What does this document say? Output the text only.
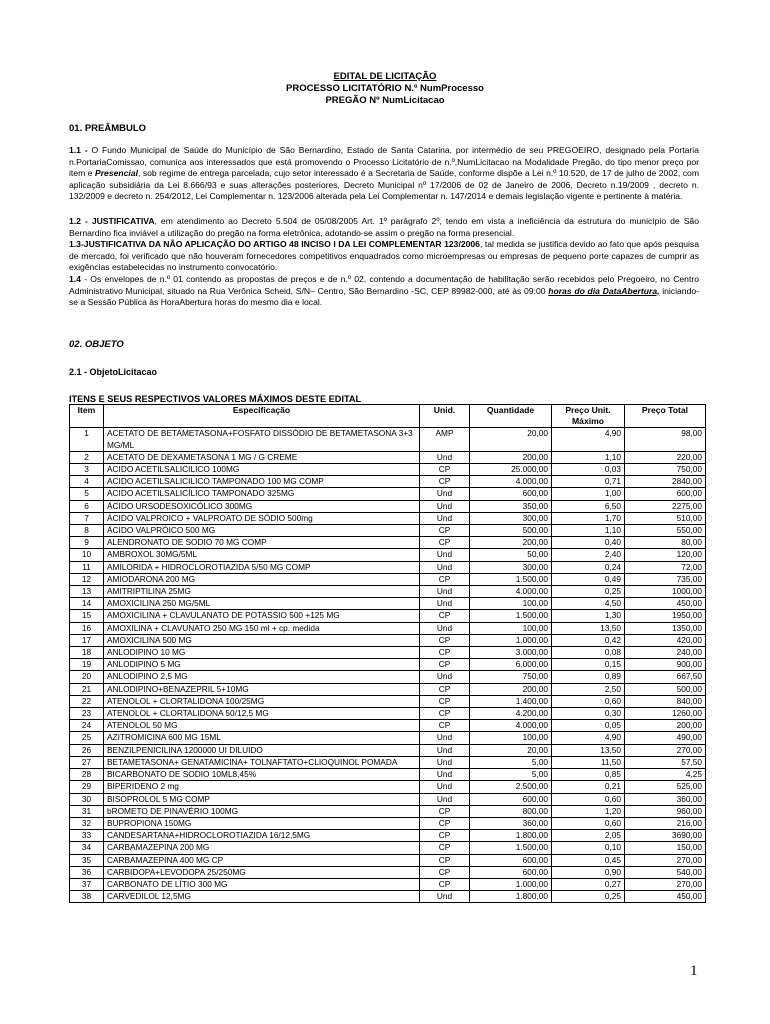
EDITAL DE LICITAÇÃO
PROCESSO LICITATÓRIO N.º NumProcesso
PREGÃO Nº NumLicitacao
01. PREÂMBULO
1.1 - O Fundo Municipal de Saúde do Município de São Bernardino, Estado de Santa Catarina, por intermédio de seu PREGOEIRO, designado pela Portaria n.PortariaComissao, comunica aos interessados que está promovendo o Processo Licitatório de n.º,NumLicitacao na Modalidade Pregão, do tipo menor preço por item e Presencial, sob regime de entrega parcelada, cujo setor interessado é a Secretaria de Saúde, conforme dispõe a Lei n.º 10.520, de 17 de julho de 2002, com aplicação subsidiária da Lei 8.666/93 e suas alterações posteriores, Decreto Municipal nº 17/2006 de 02 de Janeiro de 2006, Decreto n.19/2009 , decreto n. 132/2009 e decreto n. 254/2012, Lei Complementar n. 123/2006 alterada pela Lei Complementar n. 147/2014 e demais legislação vigente e pertinente à matéria.
1.2 - JUSTIFICATIVA, em atendimento ao Decreto 5.504 de 05/08/2005 Art. 1º parágrafo 2º, tendo em vista a ineficiência da estrutura do município de São Bernardino fica inviável a utilização do pregão na forma eletrônica, adotando-se assim o pregão na forma presencial.
1.3-JUSTIFICATIVA DA NÃO APLICAÇÃO DO ARTIGO 48 INCISO I DA LEI COMPLEMENTAR 123/2006, tal medida se justifica devido ao fato que após pesquisa de mercado, foi verificado que não houveram fornecedores competitivos enquadrados como microempresas ou empresas de pequeno porte capazes de cumprir as exigências estabelecidas no instrumento convocatório.
1.4 - Os envelopes de n.º 01 contendo as propostas de preços e de n.º 02, contendo a documentação de habilitação serão recebidos pelo Pregoeiro, no Centro Administrativo Municipal, situado na Rua Verônica Scheid, S/N– Centro, São Bernardino -SC, CEP 89982-000, até às 09:00 horas do dia DataAbertura, iniciando-se a Sessão Pública às HoraAbertura horas do mesmo dia e local.
02. OBJETO
2.1 - ObjetoLicitacao
ITENS E SEUS RESPECTIVOS VALORES MÁXIMOS DESTE EDITAL
Item	Especificação	Unid.	Quantidade	Preço Unit. Máximo	Preço Total
1	ACETATO DE BETAMETASONA+FOSFATO DISSÓDIO DE BETAMETASONA 3+3 MG/ML	AMP	20,00	4,90	98,00
2	ACETATO DE DEXAMETASONA 1 MG / G CREME	Und	200,00	1,10	220,00
3	ACIDO ACETILSALICILICO 100MG	CP	25.000,00	0,03	750,00
4	ACIDO ACETILSALICILICO TAMPONADO 100 MG COMP	CP	4.000,00	0,71	2840,00
5	ACIDO ACETILSALICÍLICO TAMPONADO 325MG	Und	600,00	1,00	600,00
6	ÁCIDO URSODESOXICÓLICO 300MG	Und	350,00	6,50	2275,00
7	ÁCIDO VALPROICO + VALPROATO DE SÓDIO 500mg	Und	300,00	1,70	510,00
8	ÁCIDO VALPRÓICO 500 MG	CP	500,00	1,10	550,00
9	ALENDRONATO DE SODIO 70 MG COMP	CP	200,00	0,40	80,00
10	AMBROXOL 30MG/5ML	Und	50,00	2,40	120,00
11	AMILORIDA + HIDROCLOROTIAZIDA 5/50 MG COMP	Und	300,00	0,24	72,00
12	AMIODARONA 200 MG	CP	1.500,00	0,49	735,00
13	AMITRIPTILINA 25MG	Und	4.000,00	0,25	1000,00
14	AMOXICILINA 250 MG/5ML	Und	100,00	4,50	450,00
15	AMOXICILINA + CLAVULANATO DE POTASSIO 500 +125 MG	CP	1.500,00	1,30	1950,00
16	AMOXILINA + CLAVUNATO 250 MG 150 ml + cp. medida	Und	100,00	13,50	1350,00
17	AMOXICILINA 500 MG	CP	1.000,00	0,42	420,00
18	ANLODIPINO 10 MG	CP	3.000,00	0,08	240,00
19	ANLODIPINO 5 MG	CP	6.000,00	0,15	900,00
20	ANLODIPINO 2,5 MG	Und	750,00	0,89	667,50
21	ANLODIPINO+BENAZEPRIL 5+10MG	CP	200,00	2,50	500,00
22	ATENOLOL + CLORTALIDONA 100/25MG	CP	1.400,00	0,60	840,00
23	ATENOLOL + CLORTALIDONA 50/12,5 MG	CP	4.200,00	0,30	1260,00
24	ATENOLOL 50 MG	CP	4.000,00	0,05	200,00
25	AZITROMICINA 600 MG 15ML	Und	100,00	4,90	490,00
26	BENZILPENICILINA 1200000 UI DILUIDO	Und	20,00	13,50	270,00
27	BETAMETASONA+ GENATAMICINA+ TOLNAFTATO+CLIOQUINOL POMADA	Und	5,00	11,50	57,50
28	BICARBONATO DE SODIO 10ML8,45%	Und	5,00	0,85	4,25
29	BIPERIDENO 2 mg	Und	2.500,00	0,21	525,00
30	BISOPROLOL 5 MG COMP	Und	600,00	0,60	360,00
31	bROMETO DE PINAVÉRIO 100MG	CP	800,00	1,20	960,00
32	BUPROPIONA 150MG	CP	360,00	0,60	216,00
33	CANDESARTANA+HIDROCLOROTIAZIDA 16/12,5MG	CP	1.800,00	2,05	3690,00
34	CARBAMAZEPINA 200 MG	CP	1.500,00	0,10	150,00
35	CARBAMAZEPINA 400 MG CP	CP	600,00	0,45	270,00
36	CARBIDOPA+LEVODOPA 25/250MG	CP	600,00	0,90	540,00
37	CARBONATO DE LÍTIO 300 MG	CP	1.000,00	0,27	270,00
38	CARVEDILOL 12,5MG	Und	1.800,00	0,25	450,00
1
